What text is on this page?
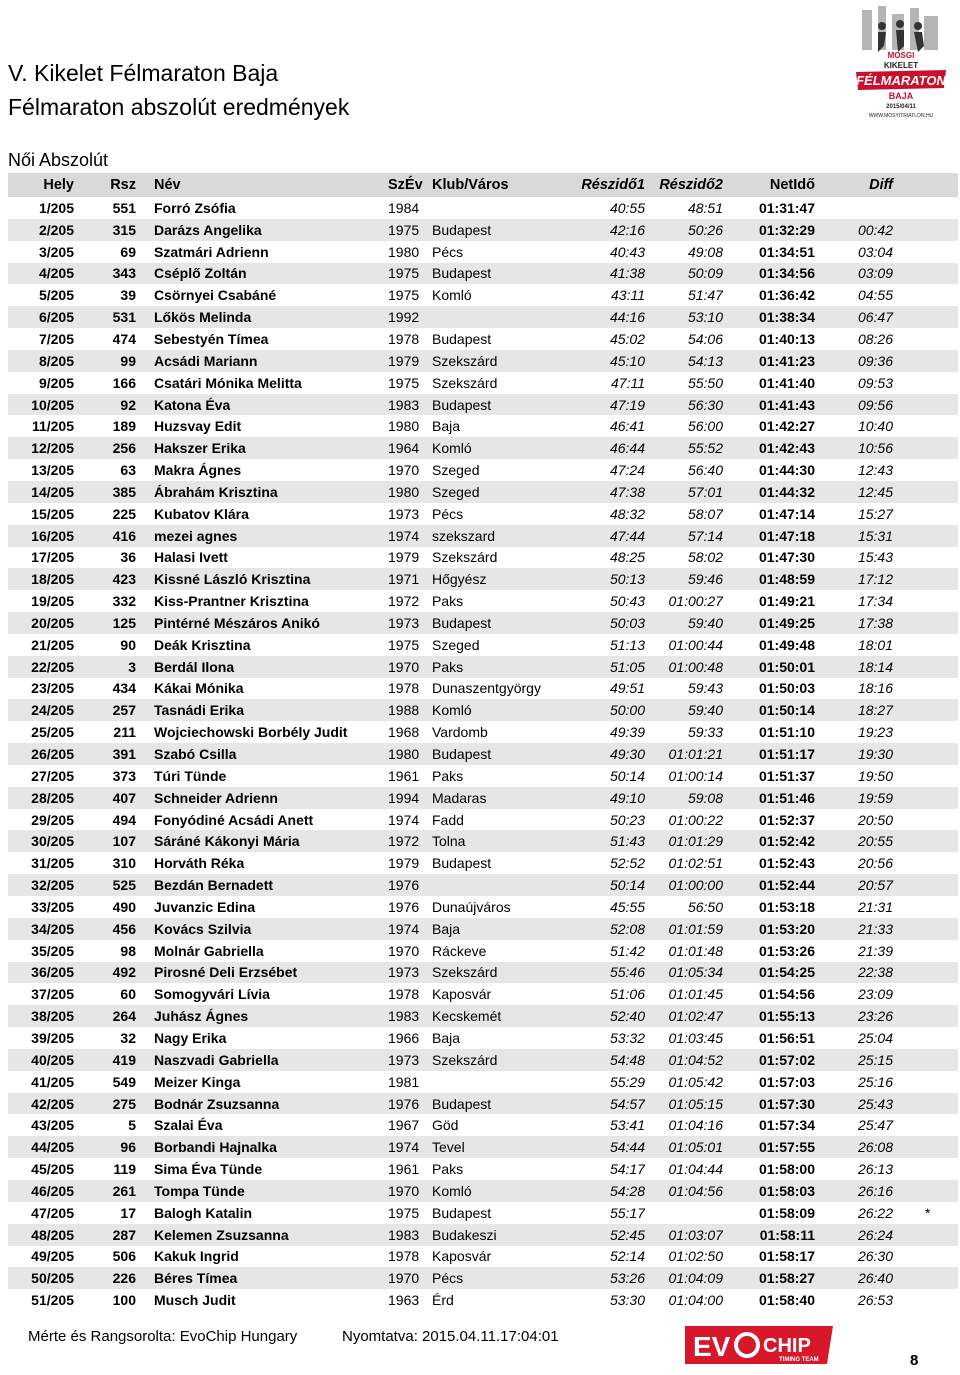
V. Kikelet Félmaraton Baja
Félmaraton abszolút eredmények
Női Abszolút
MOSGI
KIKELET
FÉLMARATON
BAJA
2015/04/11
WWW.MOSYITRIATLON.HU
Hely	Rsz	Név	SzÉv	Klub/Város	Részidő1	Részidő2	NetIdő	Diff	
1/205	551	Forró Zsófia	1984		40:55	48:51	01:31:47		
2/205	315	Darázs Angelika	1975	Budapest	42:16	50:26	01:32:29	00:42	
3/205	69	Szatmári Adrienn	1980	Pécs	40:43	49:08	01:34:51	03:04	
4/205	343	Cséplő Zoltán	1975	Budapest	41:38	50:09	01:34:56	03:09	
5/205	39	Csörnyei Csabáné	1975	Komló	43:11	51:47	01:36:42	04:55	
6/205	531	Lőkös Melinda	1992		44:16	53:10	01:38:34	06:47	
7/205	474	Sebestyén Tímea	1978	Budapest	45:02	54:06	01:40:13	08:26	
8/205	99	Acsádi Mariann	1979	Szekszárd	45:10	54:13	01:41:23	09:36	
9/205	166	Csatári Mónika Melitta	1975	Szekszárd	47:11	55:50	01:41:40	09:53	
10/205	92	Katona Éva	1983	Budapest	47:19	56:30	01:41:43	09:56	
11/205	189	Huzsvay Edit	1980	Baja	46:41	56:00	01:42:27	10:40	
12/205	256	Hakszer Erika	1964	Komló	46:44	55:52	01:42:43	10:56	
13/205	63	Makra Ágnes	1970	Szeged	47:24	56:40	01:44:30	12:43	
14/205	385	Ábrahám Krisztina	1980	Szeged	47:38	57:01	01:44:32	12:45	
15/205	225	Kubatov Klára	1973	Pécs	48:32	58:07	01:47:14	15:27	
16/205	416	mezei agnes	1974	szekszard	47:44	57:14	01:47:18	15:31	
17/205	36	Halasi Ivett	1979	Szekszárd	48:25	58:02	01:47:30	15:43	
18/205	423	Kissné László Krisztina	1971	Hőgyész	50:13	59:46	01:48:59	17:12	
19/205	332	Kiss-Prantner Krisztina	1972	Paks	50:43	01:00:27	01:49:21	17:34	
20/205	125	Pintérné Mészáros Anikó	1973	Budapest	50:03	59:40	01:49:25	17:38	
21/205	90	Deák Krisztina	1975	Szeged	51:13	01:00:44	01:49:48	18:01	
22/205	3	Berdál Ilona	1970	Paks	51:05	01:00:48	01:50:01	18:14	
23/205	434	Kákai Mónika	1978	Dunaszentgyörgy	49:51	59:43	01:50:03	18:16	
24/205	257	Tasnádi Erika	1988	Komló	50:00	59:40	01:50:14	18:27	
25/205	211	Wojciechowski Borbély Judit	1968	Vardomb	49:39	59:33	01:51:10	19:23	
26/205	391	Szabó Csilla	1980	Budapest	49:30	01:01:21	01:51:17	19:30	
27/205	373	Túri Tünde	1961	Paks	50:14	01:00:14	01:51:37	19:50	
28/205	407	Schneider Adrienn	1994	Madaras	49:10	59:08	01:51:46	19:59	
29/205	494	Fonyódiné Acsádi Anett	1974	Fadd	50:23	01:00:22	01:52:37	20:50	
30/205	107	Sáráné Kákonyi Mária	1972	Tolna	51:43	01:01:29	01:52:42	20:55	
31/205	310	Horváth Réka	1979	Budapest	52:52	01:02:51	01:52:43	20:56	
32/205	525	Bezdán Bernadett	1976		50:14	01:00:00	01:52:44	20:57	
33/205	490	Juvanzic Edina	1976	Dunaújváros	45:55	56:50	01:53:18	21:31	
34/205	456	Kovács Szilvia	1974	Baja	52:08	01:01:59	01:53:20	21:33	
35/205	98	Molnár Gabriella	1970	Ráckeve	51:42	01:01:48	01:53:26	21:39	
36/205	492	Pirosné Deli Erzsébet	1973	Szekszárd	55:46	01:05:34	01:54:25	22:38	
37/205	60	Somogyvári Lívia	1978	Kaposvár	51:06	01:01:45	01:54:56	23:09	
38/205	264	Juhász Ágnes	1983	Kecskemét	52:40	01:02:47	01:55:13	23:26	
39/205	32	Nagy Erika	1966	Baja	53:32	01:03:45	01:56:51	25:04	
40/205	419	Naszvadi Gabriella	1973	Szekszárd	54:48	01:04:52	01:57:02	25:15	
41/205	549	Meizer Kinga	1981		55:29	01:05:42	01:57:03	25:16	
42/205	275	Bodnár Zsuzsanna	1976	Budapest	54:57	01:05:15	01:57:30	25:43	
43/205	5	Szalai Éva	1967	Göd	53:41	01:04:16	01:57:34	25:47	
44/205	96	Borbandi Hajnalka	1974	Tevel	54:44	01:05:01	01:57:55	26:08	
45/205	119	Sima Éva Tünde	1961	Paks	54:17	01:04:44	01:58:00	26:13	
46/205	261	Tompa Tünde	1970	Komló	54:28	01:04:56	01:58:03	26:16	
47/205	17	Balogh Katalin	1975	Budapest	55:17		01:58:09	26:22	*
48/205	287	Kelemen Zsuzsanna	1983	Budakeszi	52:45	01:03:07	01:58:11	26:24	
49/205	506	Kakuk Ingrid	1978	Kaposvár	52:14	01:02:50	01:58:17	26:30	
50/205	226	Béres Tímea	1970	Pécs	53:26	01:04:09	01:58:27	26:40	
51/205	100	Musch Judit	1963	Érd	53:30	01:04:00	01:58:40	26:53	
Mérte és Rangsorolta: EvoChip Hungary	Nyomtatva: 2015.04.11.17:04:01	EV CHIP
TIMING TEAM	8
